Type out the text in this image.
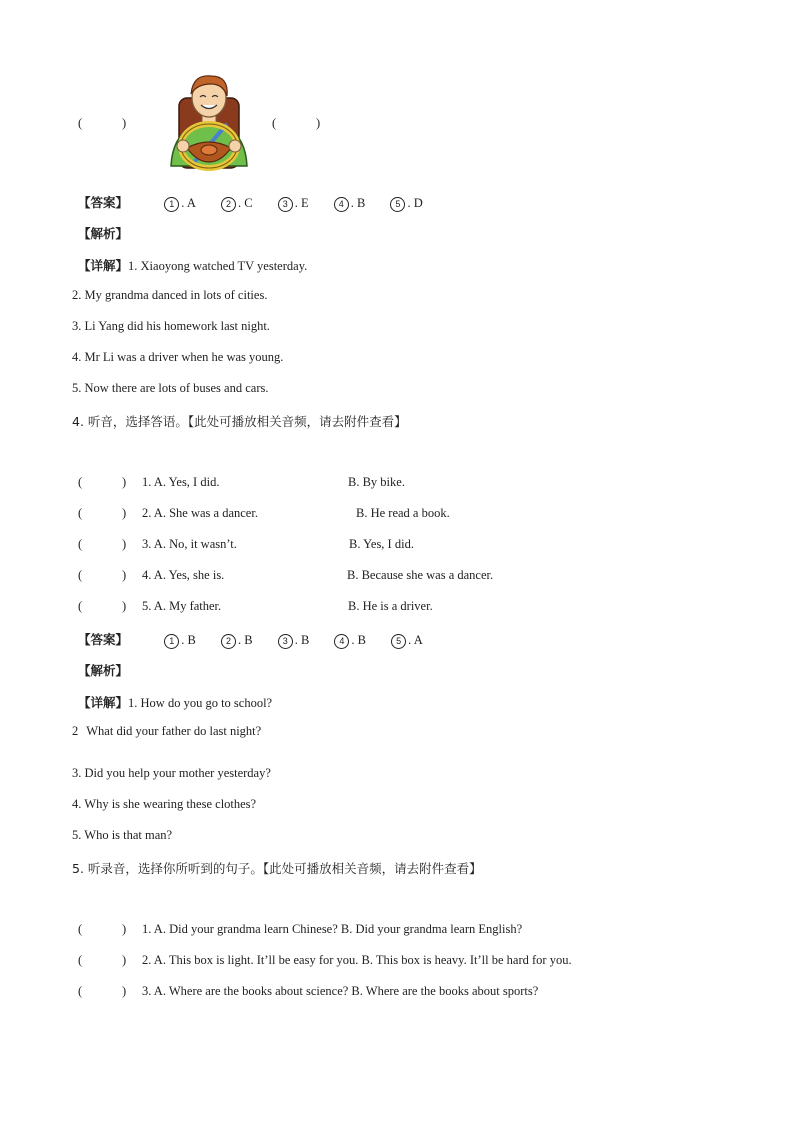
(	)	(	)
【答案】	1 . A	2 . C	3 . E	4 . B	5 . D
【解析】
【详解】1. Xiaoyong watched TV yesterday.
2. My grandma danced in lots of cities.
3. Li Yang did his homework last night.
4. Mr Li was a driver when he was young.
5. Now there are lots of buses and cars.
4. 听音，选择答语。【此处可播放相关音频，请去附件查看】
(	) 1. A. Yes, I did.	B. By bike.
(	) 2. A. She was a dancer.	B. He read a book.
(	) 3. A. No, it wasn’t.	B. Yes, I did.
(	) 4. A. Yes, she is.	B. Because she was a dancer.
(	) 5. A. My father.	B. He is a driver.
【答案】	1 . B	2 . B	3 . B	4 . B	5 . A
【解析】
【详解】1. How do you go to school?
2 What did your father do last night?
3. Did you help your mother yesterday?
4. Why is she wearing these clothes?
5. Who is that man?
5. 听录音，选择你所听到的句子。【此处可播放相关音频，请去附件查看】
(	) 1. A. Did your grandma learn Chinese? B. Did your grandma learn English?
(	) 2. A. This box is light. It’ll be easy for you. B. This box is heavy. It’ll be hard for you.
(	) 3. A. Where are the books about science? B. Where are the books about sports?
